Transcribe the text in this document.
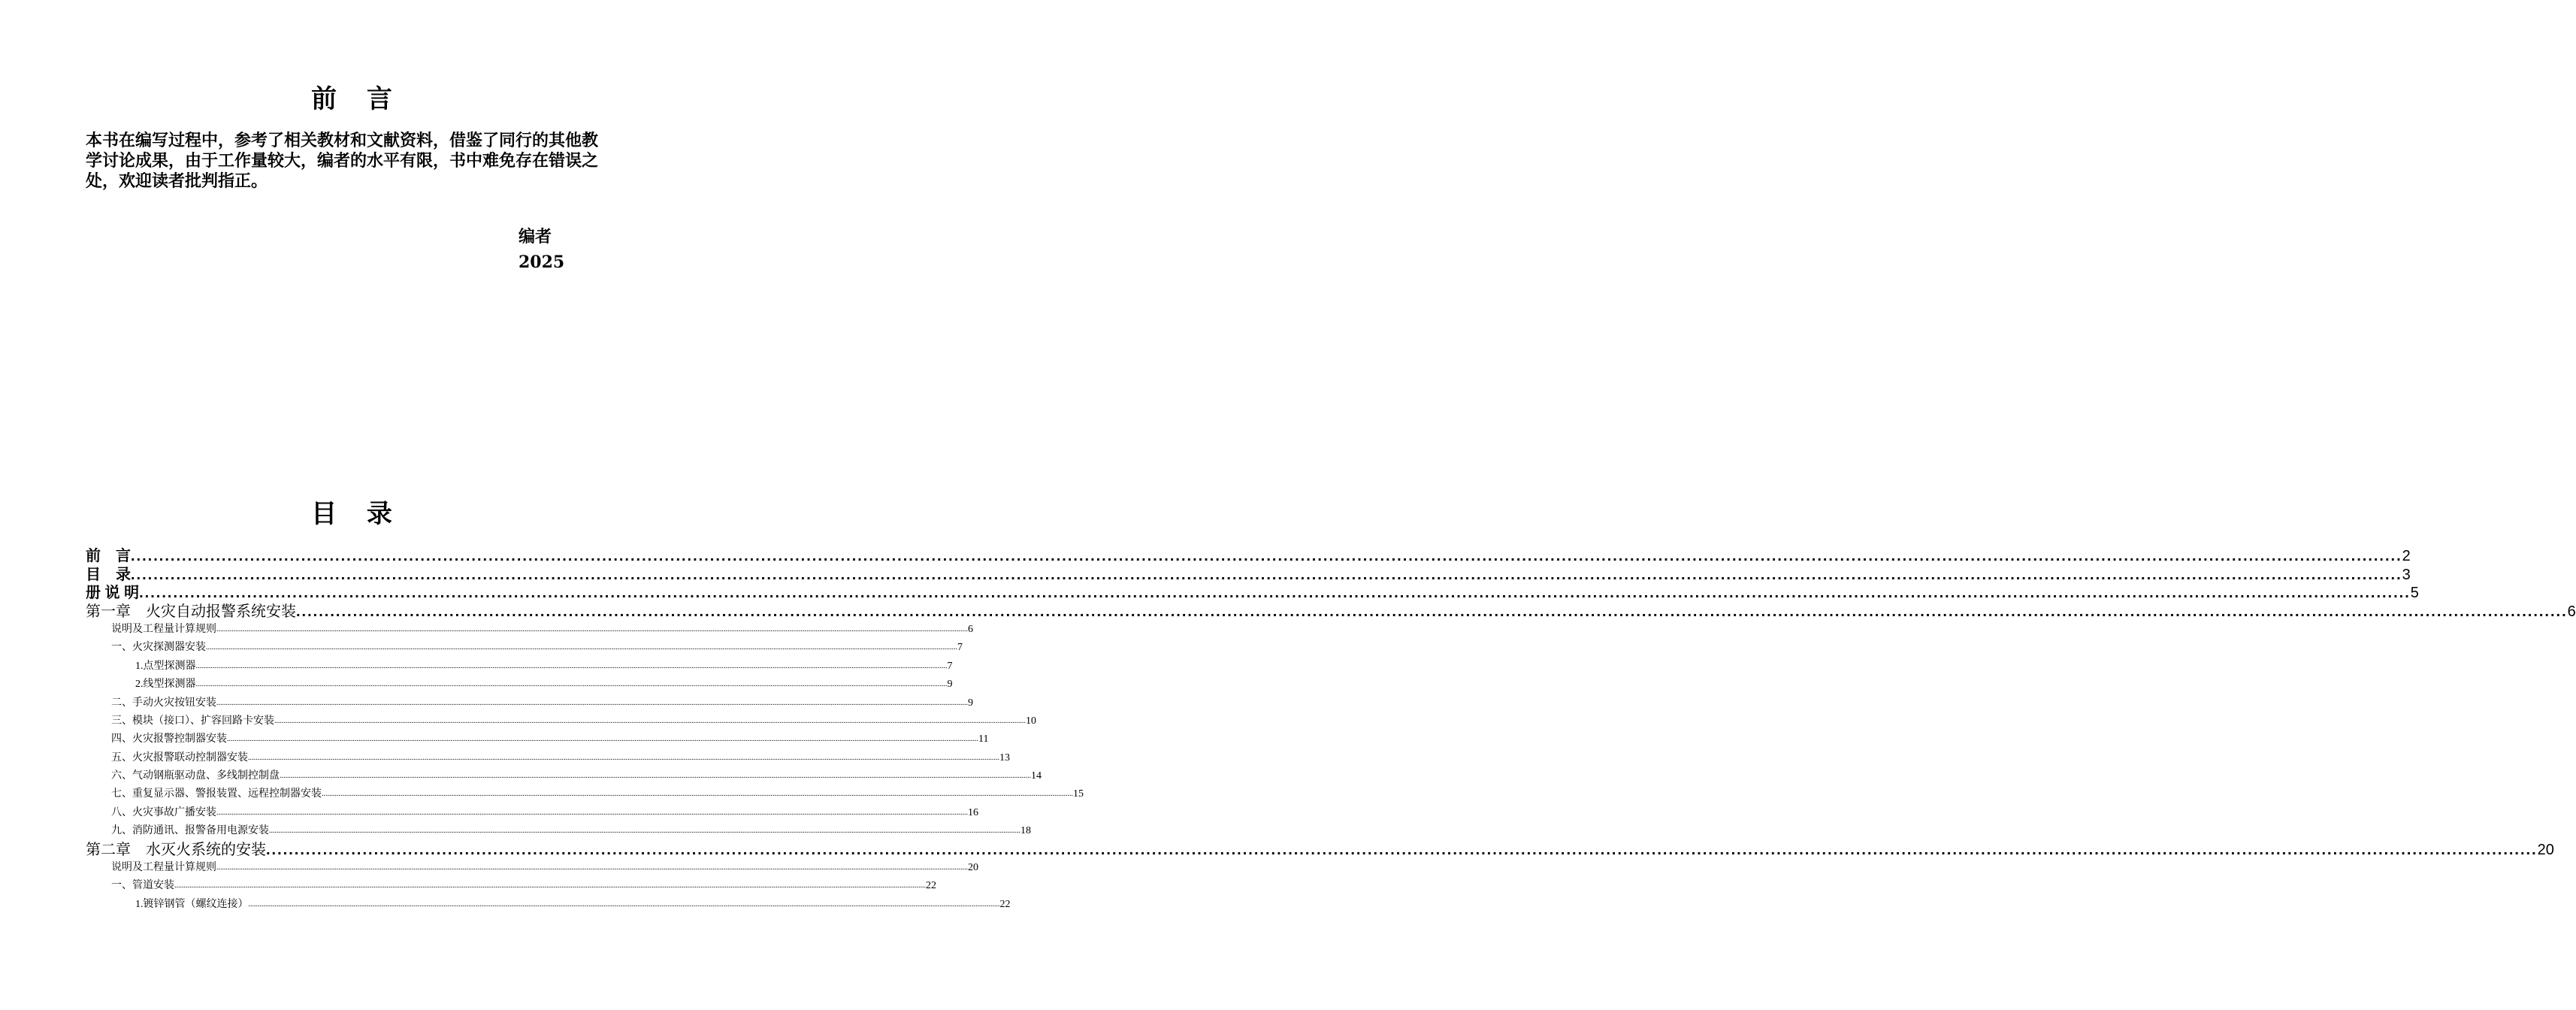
前 言
本书在编写过程中，参考了相关教材和文献资料，借鉴了同行的其他教学讨论成果，由于工作量较大，编者的水平有限，书中难免存在错误之处，欢迎读者批判指正。
编者
2025
目 录
前　言 ................................................................................................................................................................................................................................................................................................................................................................................................................ 2
目　录 ................................................................................................................................................................................................................................................................................................................................................................................................................ 3
册 说 明 ................................................................................................................................................................................................................................................................................................................................................................................................................ 5
第一章　火灾自动报警系统安装 ................................................................................................................................................................................................................................................................................................................................................................................................................ 6
说明及工程量计算规则 ................................................................................................................................................................................................................................................................................................................................................................................................................ 6
一、火灾探测器安装 ................................................................................................................................................................................................................................................................................................................................................................................................................ 7
1.点型探测器 ................................................................................................................................................................................................................................................................................................................................................................................................................ 7
2.线型探测器 ................................................................................................................................................................................................................................................................................................................................................................................................................ 9
二、手动火灾按钮安装 ................................................................................................................................................................................................................................................................................................................................................................................................................ 9
三、模块（接口）、扩容回路卡安装 ................................................................................................................................................................................................................................................................................................................................................................................................................ 10
四、火灾报警控制器安装 ................................................................................................................................................................................................................................................................................................................................................................................................................ 11
五、火灾报警联动控制器安装 ................................................................................................................................................................................................................................................................................................................................................................................................................ 13
六、气动钢瓶驱动盘、多线制控制盘 ................................................................................................................................................................................................................................................................................................................................................................................................................ 14
七、重复显示器、警报装置、远程控制器安装 ................................................................................................................................................................................................................................................................................................................................................................................................................ 15
八、火灾事故广播安装 ................................................................................................................................................................................................................................................................................................................................................................................................................ 16
九、消防通讯、报警备用电源安装 ................................................................................................................................................................................................................................................................................................................................................................................................................ 18
第二章　水灭火系统的安装 ................................................................................................................................................................................................................................................................................................................................................................................................................ 20
说明及工程量计算规则 ................................................................................................................................................................................................................................................................................................................................................................................................................ 20
一、管道安装 ................................................................................................................................................................................................................................................................................................................................................................................................................ 22
1.镀锌钢管（螺纹连接） ................................................................................................................................................................................................................................................................................................................................................................................................................ 22
